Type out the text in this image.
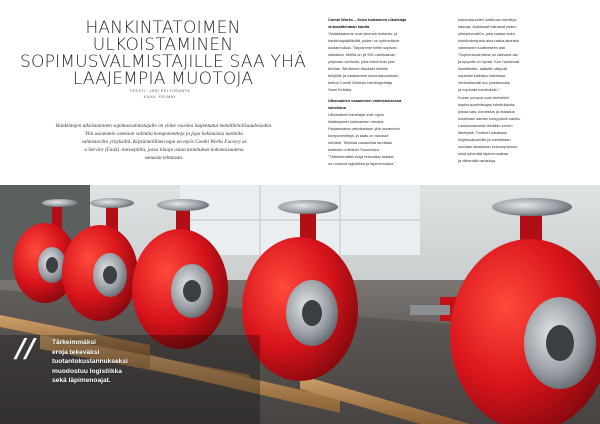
HANKINTATOIMEN ULKOISTAMINEN
SOPIMUSVALMISTAJILLE SAA YHÄ
LAAJEMPIA MUOTOJA
TEKSTI: JARI PELTORANTA
KUVA: FELMAY
Hankintojen ulkoistaminen sopimusvalmistajalle on viime vuosina laajentunut metallitelollisuudessakin.
Yhä useammin ostetaan valmiita komponentteja ja jopa kokonaisia tuotteita
valmistavilta yrityksiltä. Käytännöllinen tapa on myös Combi Works Factory as
a Service (FaaS) -konseptilla, jossa tilaaja ostaa toimitukset kokonaisuutena
samasta tehtaasta.

Combi Works – Koko tuotannon ulkoistaja
virtuaalitehtaan kautta

”Asiakkaamme ovat yleensä tuotanto- ja
hankintapäälliköitä, joiden on optimoitava
kustannuksia. Tarjoamme heille sopivan
ratkaisun. Meillä on yli 500 valmistavan
yrityksen verkosto, joka toimii kuin yksi
tehdas. Siirrämme tilaukset oikeille
tekijöille ja vastaamme kokonaisuudesta”,
kertoo Combi Worksin toimitusjohtaja
Sami Kohtala.

Ulkomainen osaaminen valmistuksessa
vahvistuu

Ulkomaiset toimittajat ovat myös
lisääntyneet kotimaisten rinnalla.
Halpamaissa valmistetaan yhä useammin
komponentteja, ja laatu on noussut
selvästi. Teknistä osaamista tarvitaan
kuitenkin edelleen Suomessa.
”Tärkeimmäksi eroja tekeväksi asiaksi
on noussut logistiikka ja läpimenoaika.”

kokonaisuuden hallinnan merkitys
kasvaa. Asiakkaat haluavat yhden
yhteyshenkilön, joka vastaa koko
toimitusketjusta aina raaka-aineista
valmiiseen tuotteeseen asti.
”Sopimusvalmistus on kasvava ala
ja kysyntä on hyvää. Kun hankinnat
keskitetään, säästöt näkyvät
nopeasti kaikissa vaiheissa.
Verkostomalli tuo joustavuutta
ja nopeutta toimituksiin.”
Kuvan pumput ovat esimerkki
sopimusvalmistajan toimituksista,
joissa valu, koneistus ja maalaus
hoidetaan saman kumppanin kautta.
Laadunvalvonta tehdään ennen
lähetystä. Tuotteet pakataan
kuljetusalustoille ja toimitetaan
suoraan asiakkaan kokoonpanoon,
mikä lyhentää läpimenoaikaa
ja vähentää varastoja.

//	Tärkeimmäksi
eroja tekeväksi
tuotantokustannukseksi
muodostuu logistiikka
sekä läpimenoajat.
